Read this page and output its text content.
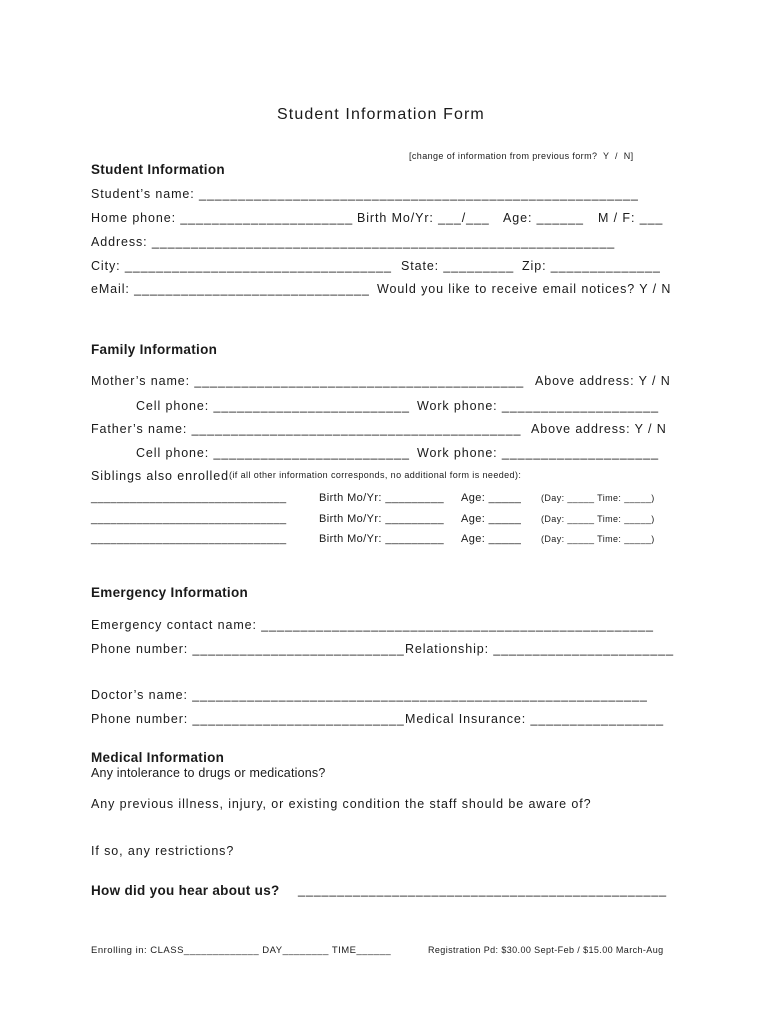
Student Information Form
[change of information from previous form?  Y  /  N]
Student Information
Student’s name: ________________________________________________________
Home phone: ______________________ Birth Mo/Yr: ___/___ Age: ______ M / F: ___
Address: ___________________________________________________________
City: __________________________________ State: _________ Zip: ______________
eMail: ______________________________ Would you like to receive email notices? Y / N
Family Information
Mother’s name: __________________________________________ Above address: Y / N
Cell phone: _________________________ Work phone: ____________________
Father’s name: __________________________________________ Above address: Y / N
Cell phone: _________________________ Work phone: ____________________
Siblings also enrolled (if all other information corresponds, no additional form is needed):
______________________________	Birth Mo/Yr: _________ Age: _____ (Day: _____ Time: _____)
______________________________	Birth Mo/Yr: _________ Age: _____ (Day: _____ Time: _____)
______________________________	Birth Mo/Yr: _________ Age: _____ (Day: _____ Time: _____)
Emergency Information
Emergency contact name: __________________________________________________
Phone number: ___________________________ Relationship: _______________________
Doctor’s name: __________________________________________________________
Phone number: ___________________________ Medical Insurance: _________________
Medical Information
Any intolerance to drugs or medications?
Any previous illness, injury, or existing condition the staff should be aware of?
If so, any restrictions?
How did you hear about us? _______________________________________________
Enrolling in: CLASS_____________ DAY________ TIME______	Registration Pd: $30.00 Sept-Feb / $15.00 March-Aug
